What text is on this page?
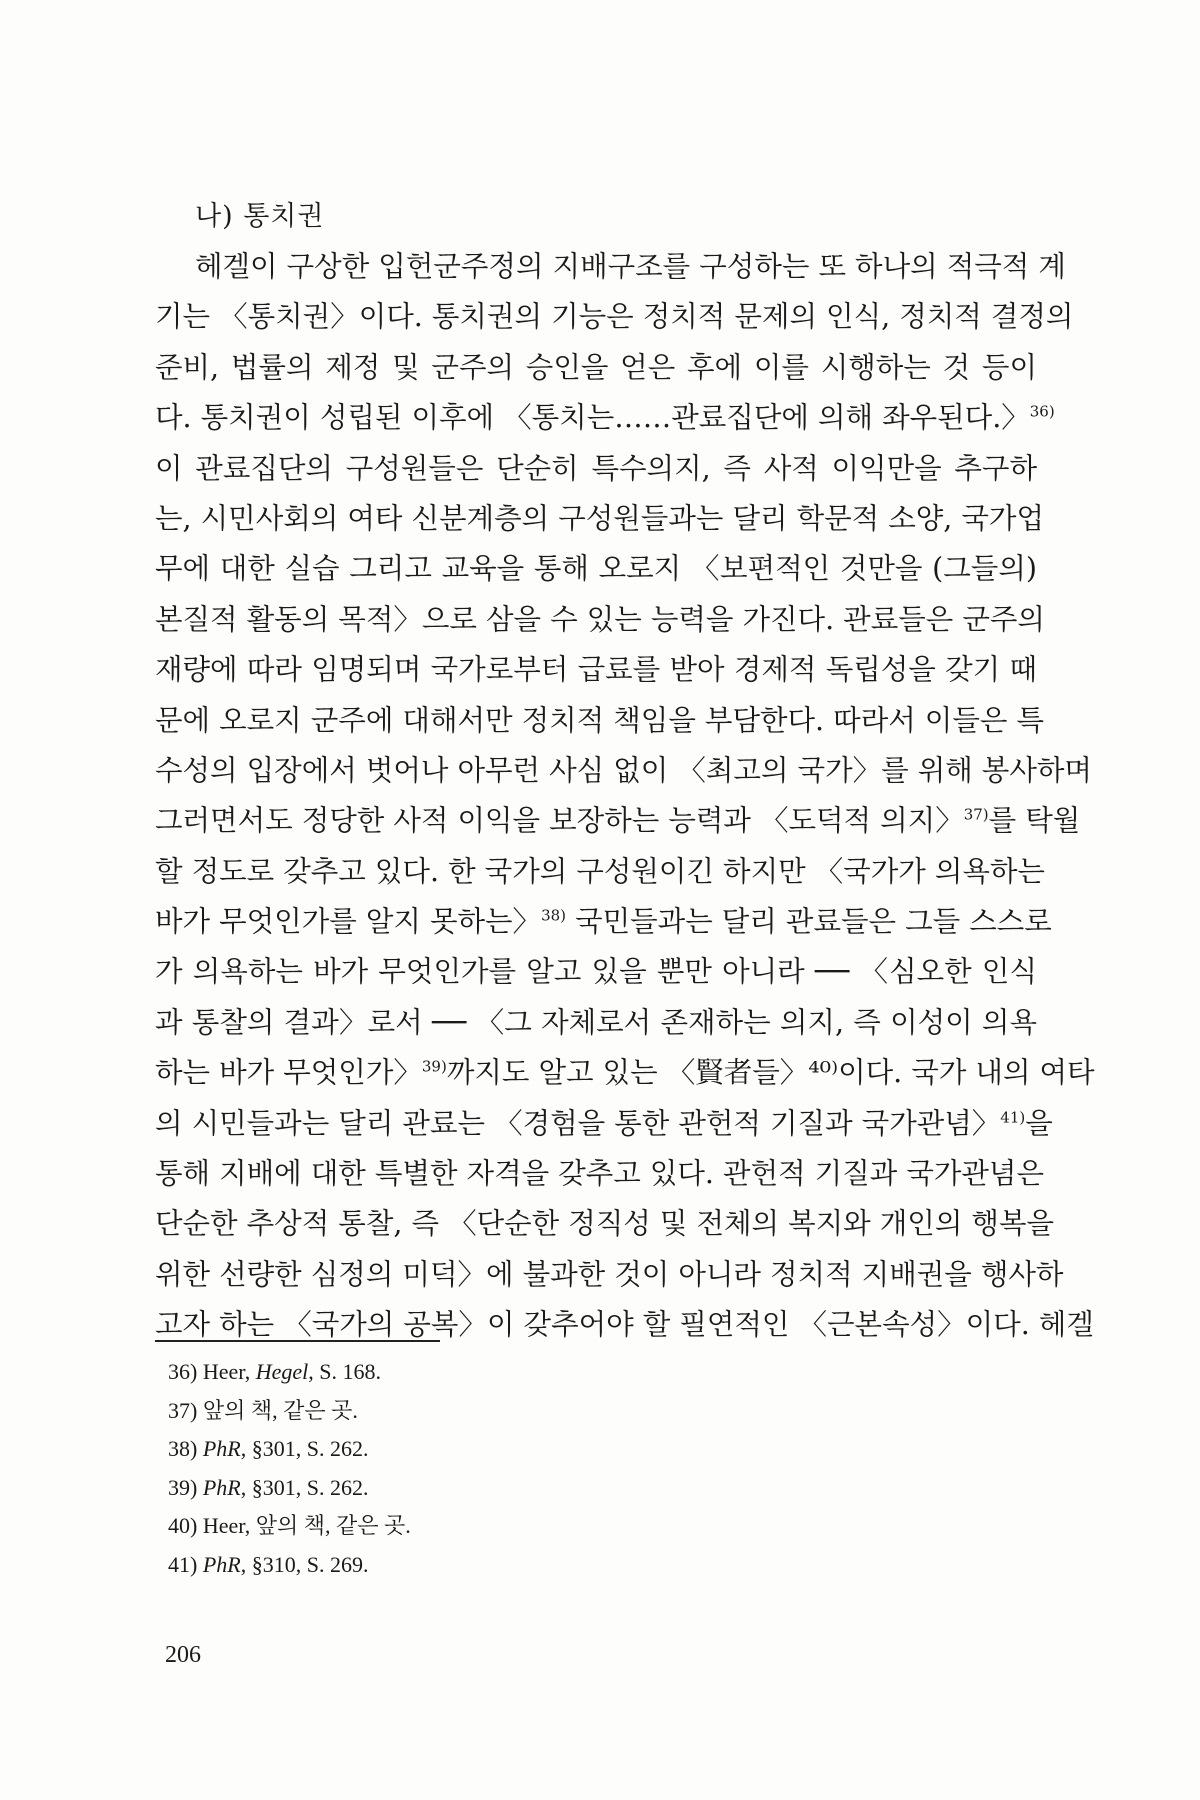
나) 통치권
헤겔이 구상한 입헌군주정의 지배구조를 구성하는 또 하나의 적극적 계
기는 〈통치권〉이다. 통치권의 기능은 정치적 문제의 인식, 정치적 결정의
준비, 법률의 제정 및 군주의 승인을 얻은 후에 이를 시행하는 것 등이
다. 통치권이 성립된 이후에 〈통치는……관료집단에 의해 좌우된다.〉$^{36)}$
이 관료집단의 구성원들은 단순히 특수의지, 즉 사적 이익만을 추구하
는, 시민사회의 여타 신분계층의 구성원들과는 달리 학문적 소양, 국가업
무에 대한 실습 그리고 교육을 통해 오로지 〈보편적인 것만을 (그들의)
본질적 활동의 목적〉으로 삼을 수 있는 능력을 가진다. 관료들은 군주의
재량에 따라 임명되며 국가로부터 급료를 받아 경제적 독립성을 갖기 때
문에 오로지 군주에 대해서만 정치적 책임을 부담한다. 따라서 이들은 특
수성의 입장에서 벗어나 아무런 사심 없이 〈최고의 국가〉를 위해 봉사하며
그러면서도 정당한 사적 이익을 보장하는 능력과 〈도덕적 의지〉$^{37)}$를 탁월
할 정도로 갖추고 있다. 한 국가의 구성원이긴 하지만 〈국가가 의욕하는
바가 무엇인가를 알지 못하는〉$^{38)}$ 국민들과는 달리 관료들은 그들 스스로
가 의욕하는 바가 무엇인가를 알고 있을 뿐만 아니라 ── 〈심오한 인식
과 통찰의 결과〉로서 ── 〈그 자체로서 존재하는 의지, 즉 이성이 의욕
하는 바가 무엇인가〉$^{39)}$까지도 알고 있는 〈賢者들〉⁴⁰⁾이다. 국가 내의 여타
의 시민들과는 달리 관료는 〈경험을 통한 관헌적 기질과 국가관념〉$^{41)}$을
통해 지배에 대한 특별한 자격을 갖추고 있다. 관헌적 기질과 국가관념은
단순한 추상적 통찰, 즉 〈단순한 정직성 및 전체의 복지와 개인의 행복을
위한 선량한 심정의 미덕〉에 불과한 것이 아니라 정치적 지배권을 행사하
고자 하는 〈국가의 공복〉이 갖추어야 할 필연적인 〈근본속성〉이다. 헤겔
36) Heer, Hegel, S. 168.
37) 앞의 책, 같은 곳.
38) PhR, §301, S. 262.
39) PhR, §301, S. 262.
40) Heer, 앞의 책, 같은 곳.
41) PhR, §310, S. 269.
206
